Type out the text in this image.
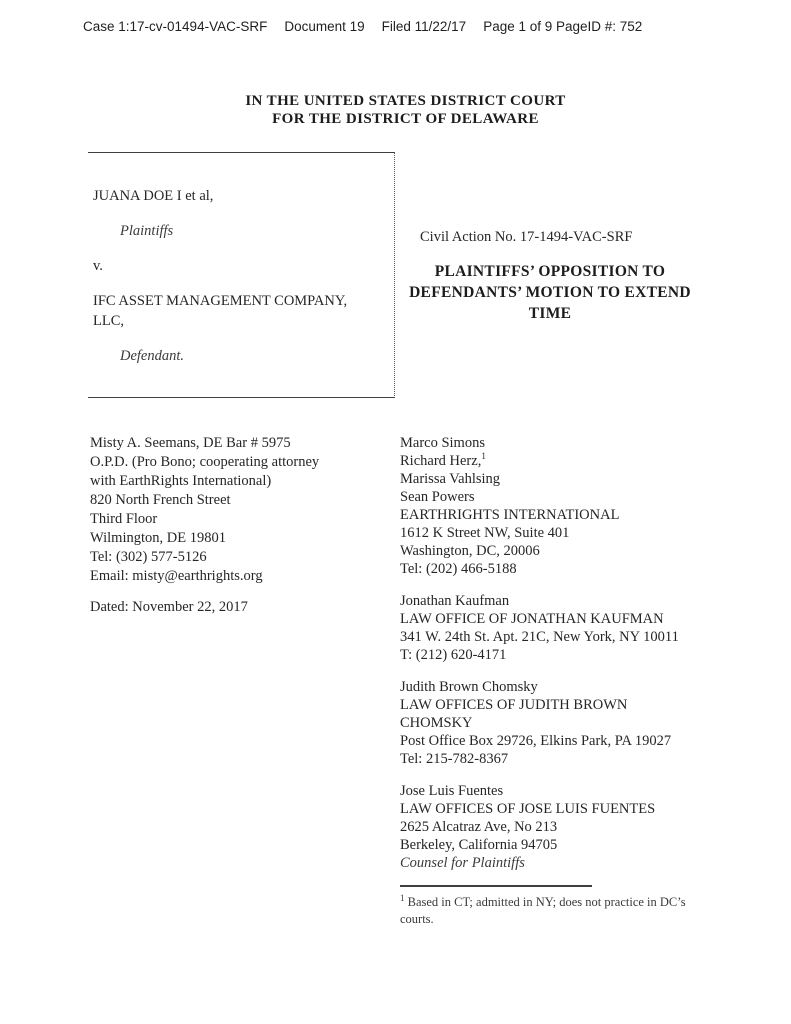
Case 1:17-cv-01494-VAC-SRF Document 19 Filed 11/22/17 Page 1 of 9 PageID #: 752
IN THE UNITED STATES DISTRICT COURT
FOR THE DISTRICT OF DELAWARE
JUANA DOE I et al,
Plaintiffs
v.
IFC ASSET MANAGEMENT COMPANY,
LLC,
Defendant.
Civil Action No. 17-1494-VAC-SRF
PLAINTIFFS’ OPPOSITION TO
DEFENDANTS’ MOTION TO EXTEND
TIME
Misty A. Seemans, DE Bar # 5975
O.P.D. (Pro Bono; cooperating attorney
with EarthRights International)
820 North French Street
Third Floor
Wilmington, DE 19801
Tel: (302) 577-5126
Email: misty@earthrights.org
Dated: November 22, 2017
Marco Simons
Richard Herz,$^1$
Marissa Vahlsing
Sean Powers
EARTHRIGHTS INTERNATIONAL
1612 K Street NW, Suite 401
Washington, DC, 20006
Tel: (202) 466-5188
Jonathan Kaufman
LAW OFFICE OF JONATHAN KAUFMAN
341 W. 24th St. Apt. 21C, New York, NY 10011
T: (212) 620-4171
Judith Brown Chomsky
LAW OFFICES OF JUDITH BROWN
CHOMSKY
Post Office Box 29726, Elkins Park, PA 19027
Tel: 215-782-8367
Jose Luis Fuentes
LAW OFFICES OF JOSE LUIS FUENTES
2625 Alcatraz Ave, No 213
Berkeley, California 94705
Counsel for Plaintiffs
$^1$ Based in CT; admitted in NY; does not practice in DC’s courts.
